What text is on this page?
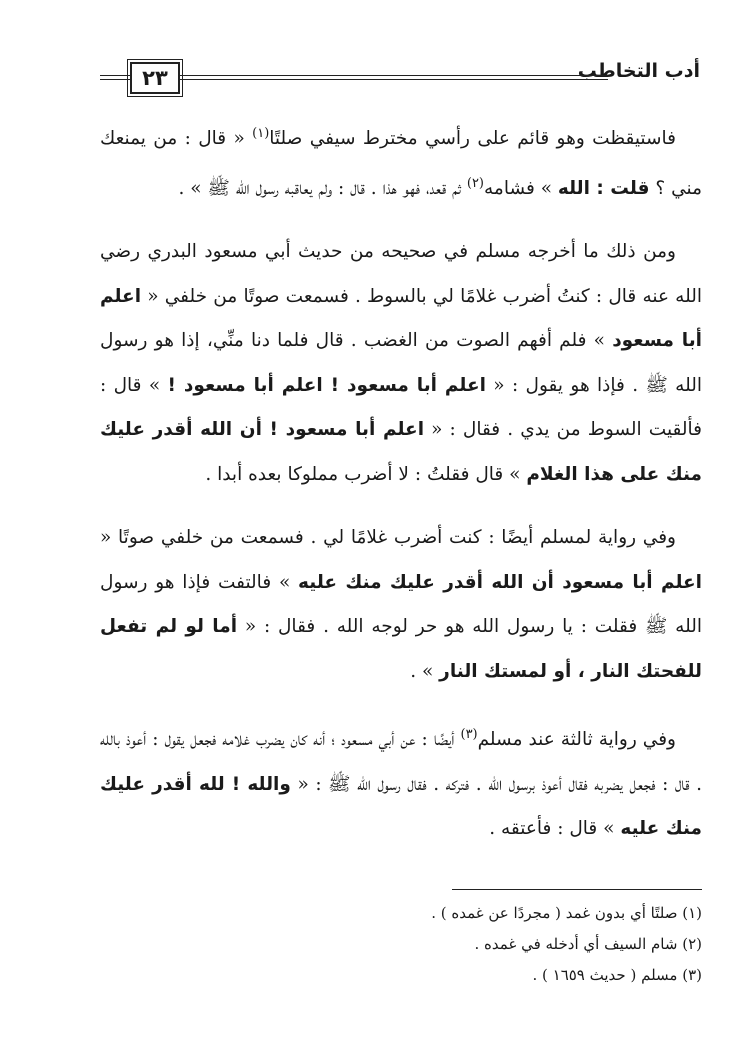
أدب التخاطب
٢٣

فاستيقظت وهو قائم على رأسي مخترط سيفي صلتًا$^{(١)}$ « قال : من يمنعك مني ؟ قلت : الله » فشامه$^{(٢)}$ ثم قعد، فهو هذا . قال : ولم يعاقبه رسول الله ﷺ » .

ومن ذلك ما أخرجه مسلم في صحيحه من حديث أبي مسعود البدري رضي الله عنه قال : كنتُ أضرب غلامًا لي بالسوط . فسمعت صوتًا من خلفي « اعلم أبا مسعود » فلم أفهم الصوت من الغضب . قال فلما دنا منِّي، إذا هو رسول الله ﷺ . فإذا هو يقول : « اعلم أبا مسعود ! اعلم أبا مسعود ! » قال : فألقيت السوط من يدي . فقال : « اعلم أبا مسعود ! أن الله أقدر عليك منك على هذا الغلام » قال فقلتُ : لا أضرب مملوكا بعده أبدا .

وفي رواية لمسلم أيضًا : كنت أضرب غلامًا لي . فسمعت من خلفي صوتًا « اعلم أبا مسعود أن الله أقدر عليك منك عليه » فالتفت فإذا هو رسول الله ﷺ فقلت : يا رسول الله هو حر لوجه الله . فقال : « أما لو لم تفعل للفحتك النار ، أو لمستك النار » .

وفي رواية ثالثة عند مسلم$^{(٣)}$ أيضًا : عن أبي مسعود ؛ أنه كان يضرب غلامه فجعل يقول : أعوذ بالله . قال : فجعل يضربه فقال أعوذ برسول الله . فتركه . فقال رسول الله ﷺ : « والله ! لله أقدر عليك منك عليه » قال : فأعتقه .

(١) صلتًا أي بدون غمد ( مجردًا عن غمده ) .

(٢) شام السيف أي أدخله في غمده .

(٣) مسلم ( حديث ١٦٥٩ ) .
